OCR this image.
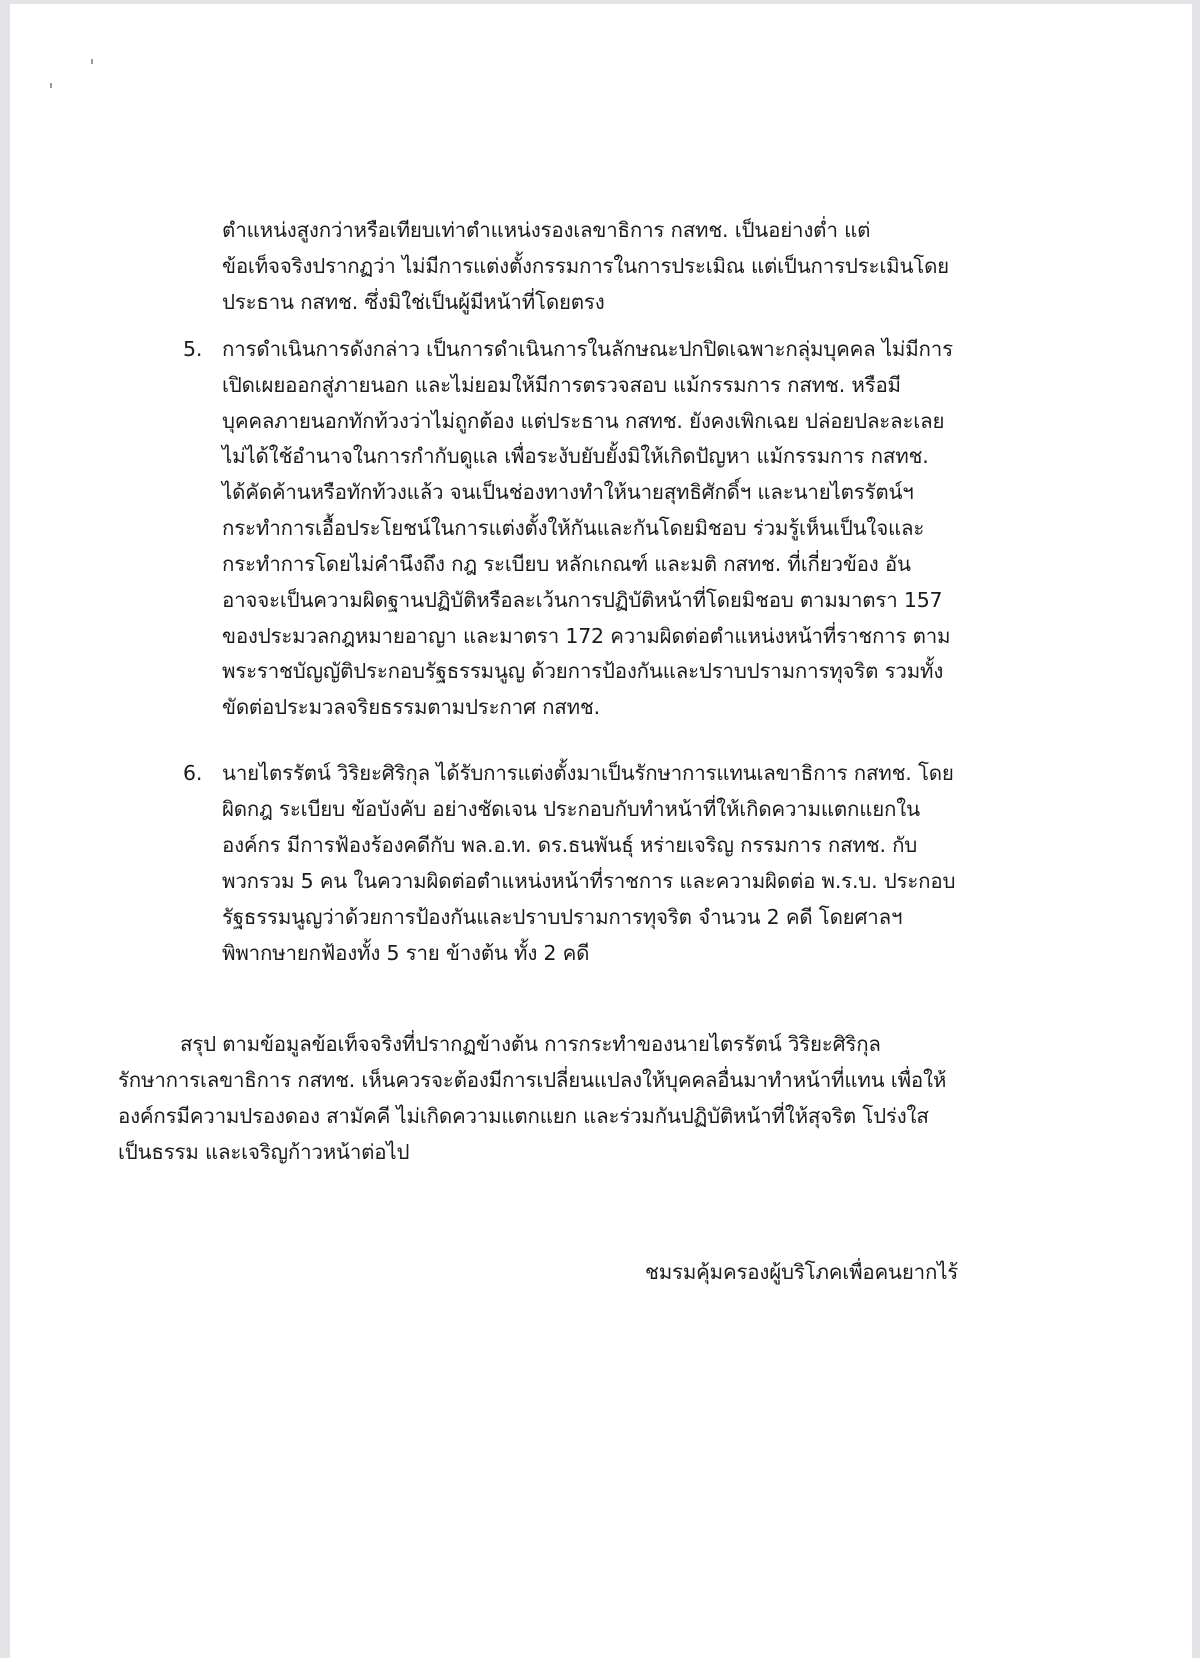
ตำแหน่งสูงกว่าหรือเทียบเท่าตำแหน่งรองเลขาธิการ กสทช. เป็นอย่างต่ำ แต่
ข้อเท็จจริงปรากฏว่า ไม่มีการแต่งตั้งกรรมการในการประเมิณ แต่เป็นการประเมินโดย
ประธาน กสทช. ซึ่งมิใช่เป็นผู้มีหน้าที่โดยตรง
5. การดำเนินการดังกล่าว เป็นการดำเนินการในลักษณะปกปิดเฉพาะกลุ่มบุคคล ไม่มีการ
เปิดเผยออกสู่ภายนอก และไม่ยอมให้มีการตรวจสอบ แม้กรรมการ กสทช. หรือมี
บุคคลภายนอกทักท้วงว่าไม่ถูกต้อง แต่ประธาน กสทช. ยังคงเพิกเฉย ปล่อยปละละเลย
ไม่ได้ใช้อำนาจในการกำกับดูแล เพื่อระงับยับยั้งมิให้เกิดปัญหา แม้กรรมการ กสทช.
ได้คัดค้านหรือทักท้วงแล้ว จนเป็นช่องทางทำให้นายสุทธิศักดิ์ฯ และนายไตรรัตน์ฯ
กระทำการเอื้อประโยชน์ในการแต่งตั้งให้กันและกันโดยมิชอบ ร่วมรู้เห็นเป็นใจและ
กระทำการโดยไม่คำนึงถึง กฎ ระเบียบ หลักเกณฑ์ และมติ กสทช. ที่เกี่ยวข้อง อัน
อาจจะเป็นความผิดฐานปฏิบัติหรือละเว้นการปฏิบัติหน้าที่โดยมิชอบ ตามมาตรา 157
ของประมวลกฎหมายอาญา และมาตรา 172 ความผิดต่อตำแหน่งหน้าที่ราชการ ตาม
พระราชบัญญัติประกอบรัฐธรรมนูญ ด้วยการป้องกันและปราบปรามการทุจริต รวมทั้ง
ขัดต่อประมวลจริยธรรมตามประกาศ กสทช.
6. นายไตรรัตน์ วิริยะศิริกุล ได้รับการแต่งตั้งมาเป็นรักษาการแทนเลขาธิการ กสทช. โดย
ผิดกฎ ระเบียบ ข้อบังคับ อย่างชัดเจน ประกอบกับทำหน้าที่ให้เกิดความแตกแยกใน
องค์กร มีการฟ้องร้องคดีกับ พล.อ.ท. ดร.ธนพันธุ์ หร่ายเจริญ กรรมการ กสทช. กับ
พวกรวม 5 คน ในความผิดต่อตำแหน่งหน้าที่ราชการ และความผิดต่อ พ.ร.บ. ประกอบ
รัฐธรรมนูญว่าด้วยการป้องกันและปราบปรามการทุจริต จำนวน 2 คดี โดยศาลฯ
พิพากษายกฟ้องทั้ง 5 ราย ข้างต้น ทั้ง 2 คดี
สรุป ตามข้อมูลข้อเท็จจริงที่ปรากฏข้างต้น การกระทำของนายไตรรัตน์ วิริยะศิริกุล
รักษาการเลขาธิการ กสทช. เห็นควรจะต้องมีการเปลี่ยนแปลงให้บุคคลอื่นมาทำหน้าที่แทน เพื่อให้
องค์กรมีความปรองดอง สามัคคี ไม่เกิดความแตกแยก และร่วมกันปฏิบัติหน้าที่ให้สุจริต โปร่งใส
เป็นธรรม และเจริญก้าวหน้าต่อไป
ชมรมคุ้มครองผู้บริโภคเพื่อคนยากไร้
